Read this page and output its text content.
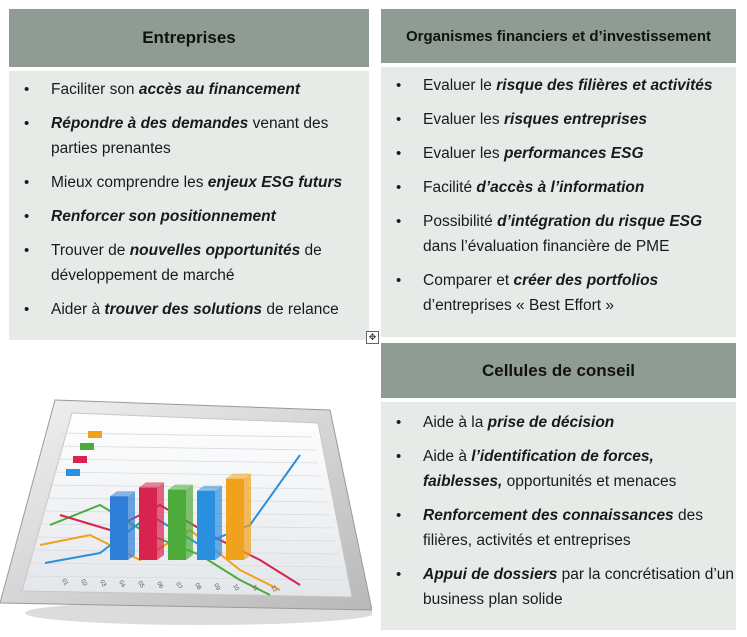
Entreprises
• Faciliter son accès au financement
• Répondre à des demandes venant des parties prenantes
• Mieux comprendre les enjeux ESG futurs
• Renforcer son positionnement
• Trouver de nouvelles opportunités de développement de marché
• Aider à trouver des solutions de relance
Organismes financiers et d’investissement
• Evaluer le risque des filières et activités
• Evaluer les risques entreprises
• Evaluer les performances ESG
• Facilité d’accès à l’information
• Possibilité d’intégration du risque ESG dans l’évaluation financière de PME
• Comparer et créer des portfolios d’entreprises « Best Effort »
✥
Cellules de conseil
• Aide à la prise de décision
• Aide à l’identification de forces, faiblesses, opportunités et menaces
• Renforcement des connaissances des filières, activités et entreprises
• Appui de dossiers par la concrétisation d’un business plan solide
01 02 03 04 05 06 07 08 09 10 11 12
